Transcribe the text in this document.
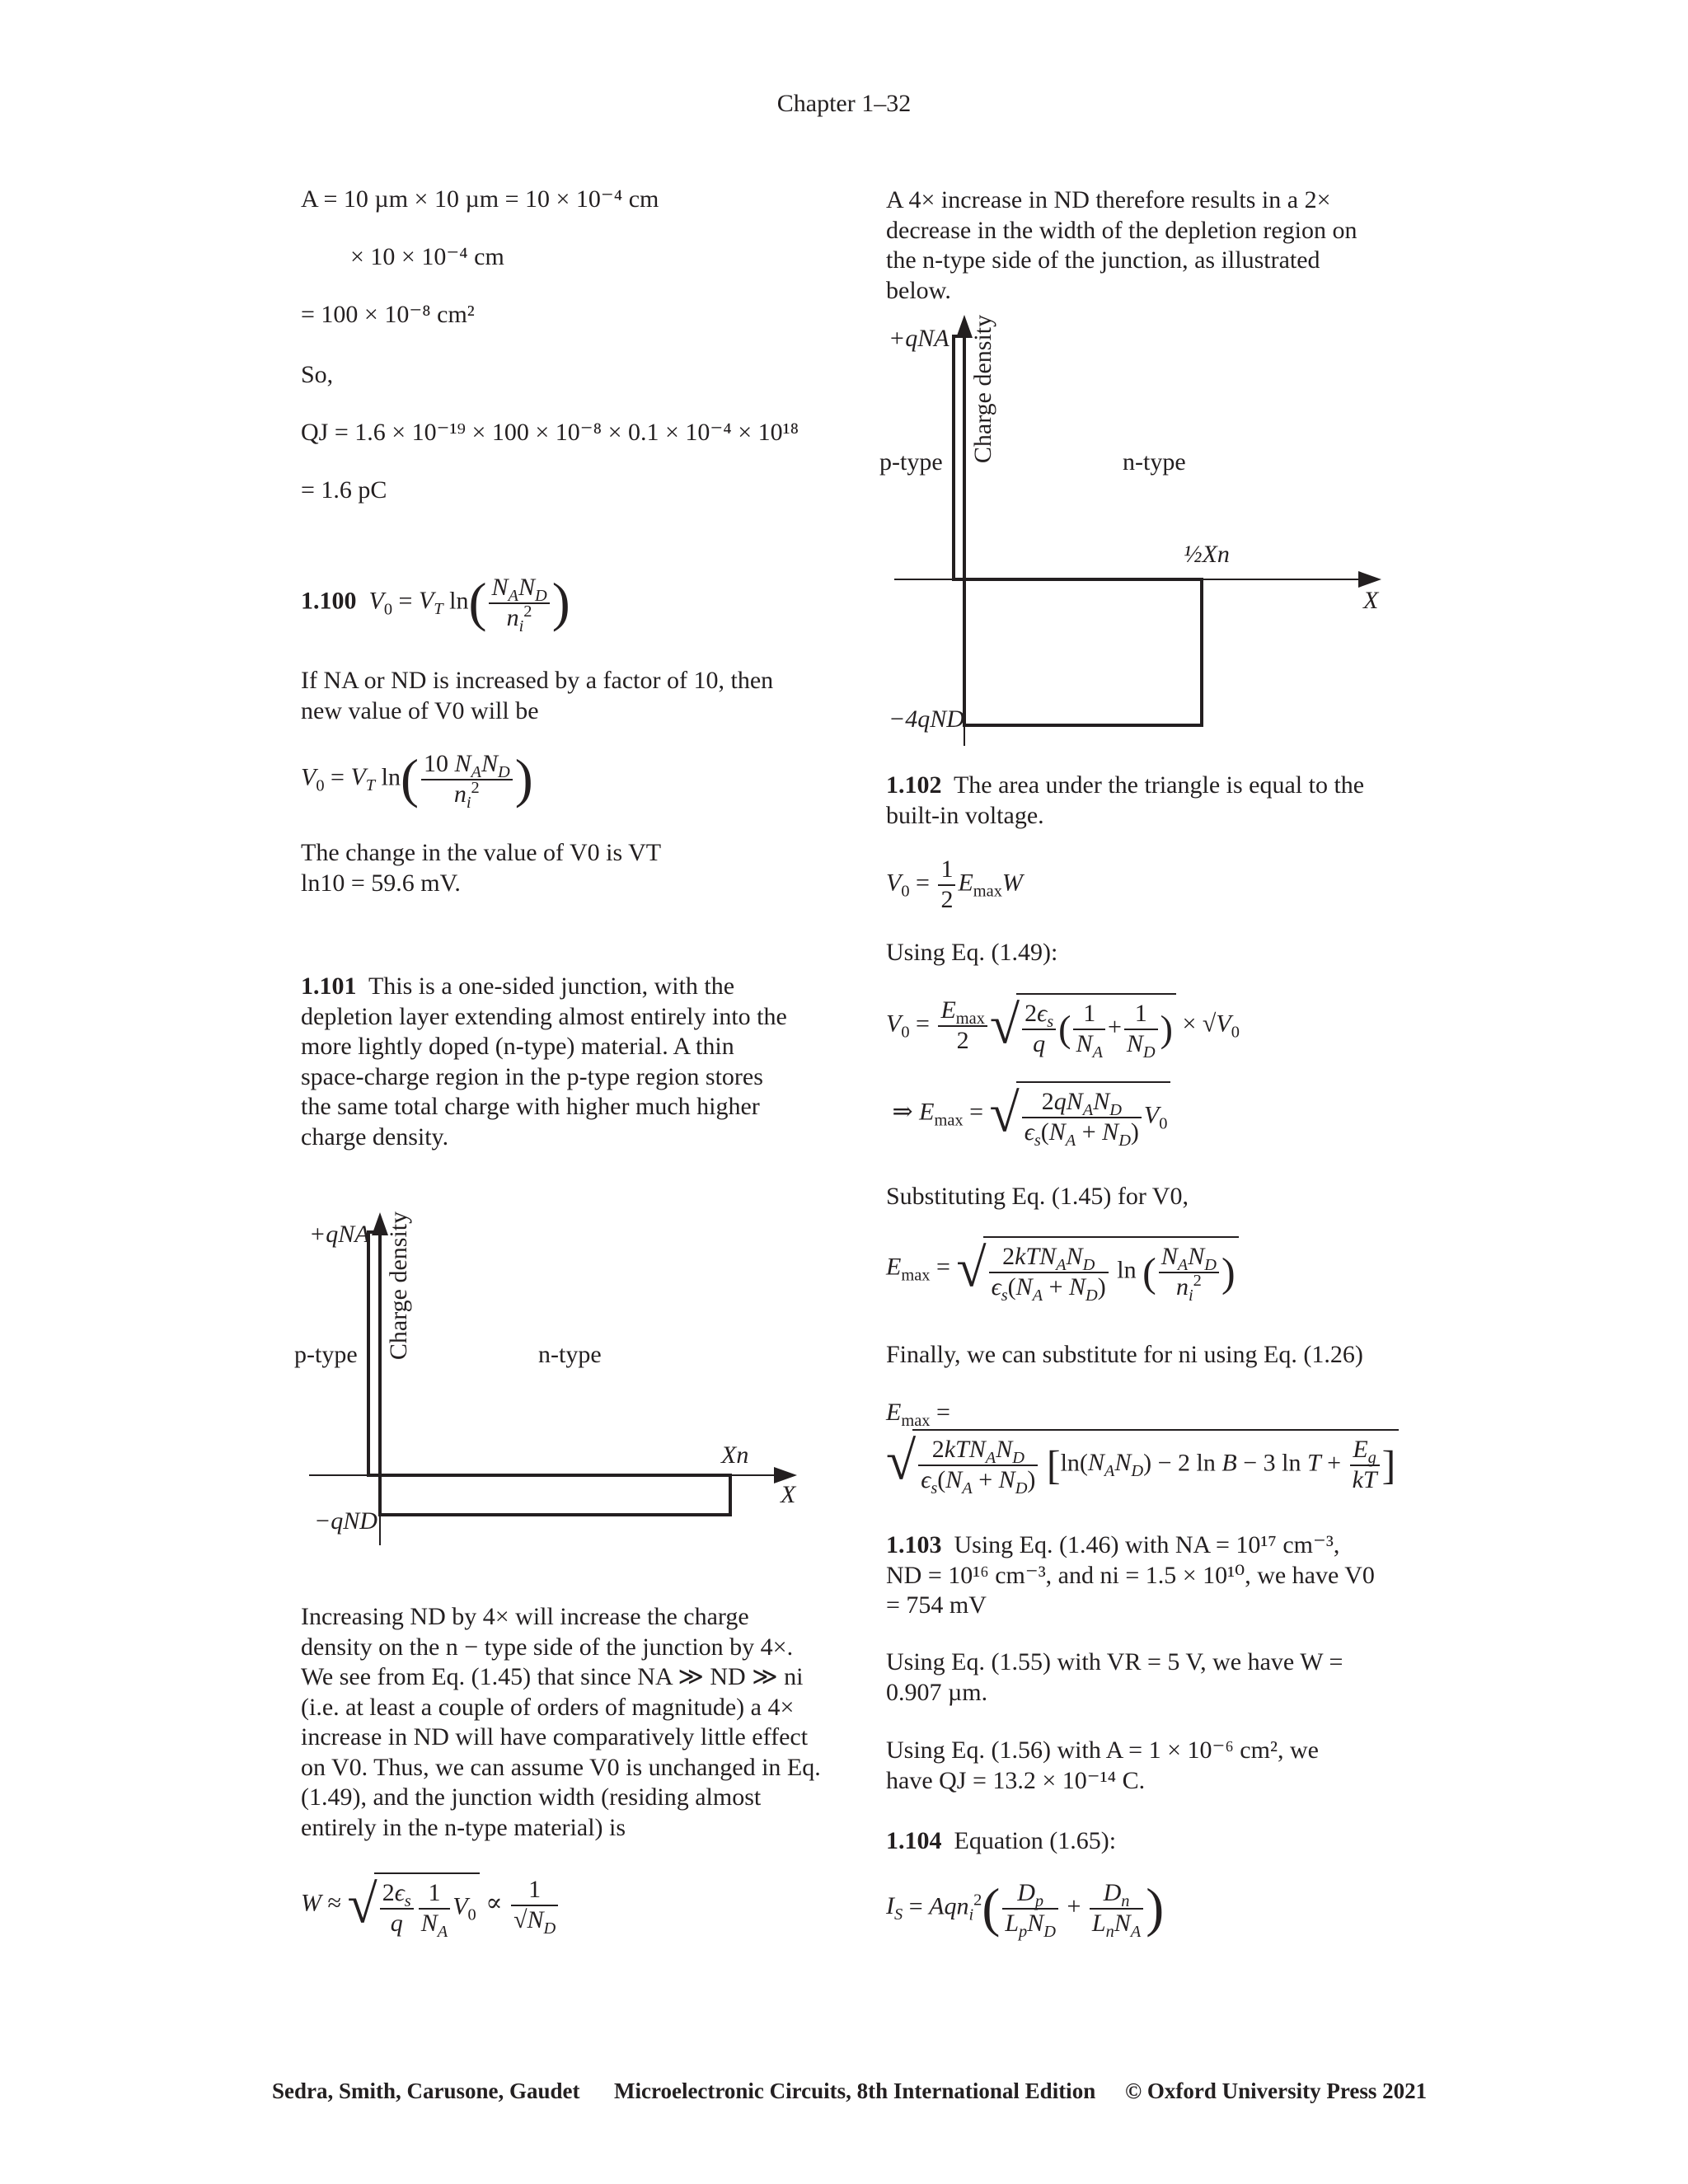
Chapter 1–32
A = 10 µm × 10 µm = 10 × 10⁻⁴ cm
× 10 × 10⁻⁴ cm
= 100 × 10⁻⁸ cm²
So,
QJ = 1.6 × 10⁻¹⁹ × 100 × 10⁻⁸ × 0.1 × 10⁻⁴ × 10¹⁸
= 1.6 pC
1.100 $V_0 = V_T$ $\ln( \frac{N_AN_D}{n_i^2}$ )
If NA or ND is increased by a factor of 10, then new value of V0 will be
$V_0 = V_T$ $\ln( \frac{10 N_AN_D}{n_i^2}$ )
The change in the value of V0 is VT ln10 = 59.6 mV.
1.101 This is a one-sided junction, with the depletion layer extending almost entirely into the more lightly doped (n-type) material. A thin space-charge region in the p-type region stores the same total charge with higher much higher charge density.
+qNA Charge density
p-type	n-type
Xn
X
−qND
Increasing ND by 4× will increase the charge density on the n − type side of the junction by 4×. We see from Eq. (1.45) that since NA ≫ ND ≫ ni (i.e. at least a couple of orders of magnitude) a 4× increase in ND will have comparatively little effect on V0. Thus, we can assume V0 is unchanged in Eq. (1.49), and the junction width (residing almost entirely in the n-type material) is
W ≈ √ $\frac{2\epsilon_s}{q} \frac{1}{N_A} V_0 \propto \frac{1}{√N_D}$
A 4× increase in ND therefore results in a 2× decrease in the width of the depletion region on the n-type side of the junction, as illustrated below.
+qNA Charge density
p-type	n-type
½Xn
X
−4qND
1.102 The area under the triangle is equal to the built-in voltage.
$V_0 = \frac{1}{2} E_{max}W$
Using Eq. (1.49):
$V_0 = \frac{E_{max}}{2}$ √ $\frac{2\epsilon_s}{q}$ ( $\frac{1}{N_A} + \frac{1}{N_D}$ ) × $√V_0$
⇒ $E_{max}$ = √ $\frac{2qN_AN_D}{\epsilon_s(N_A + N_D)} V_0$
Substituting Eq. (1.45) for V0,
$E_{max}$ = √ $\frac{2kTN_AN_D}{\epsilon_s(N_A + N_D)}$ ln ( $\frac{N_AN_D}{n_i^2}$ )
Finally, we can substitute for ni using Eq. (1.26)
$E_{max}$ =
√ $\frac{2kTN_AN_D}{\epsilon_s(N_A + N_D)} [\ln(N_AN_D) - 2$ ln B − 3 $\ln T + \frac{E_g}{kT}$ ]
1.103 Using Eq. (1.46) with NA = 10¹⁷ cm⁻³, ND = 10¹⁶ cm⁻³, and ni = 1.5 × 10¹⁰, we have V0 = 754 mV
Using Eq. (1.55) with VR = 5 V, we have W = 0.907 µm.
Using Eq. (1.56) with A = 1 × 10⁻⁶ cm², we have QJ = 13.2 × 10⁻¹⁴ C.
1.104 Equation (1.65):
$I_S = Aqn_i^2( \frac{D_p}{L_pN_D} + \frac{D_n}{L_nN_A}$ )
Sedra, Smith, Carusone, Gaudet Microelectronic Circuits, 8th International Edition © Oxford University Press 2021
